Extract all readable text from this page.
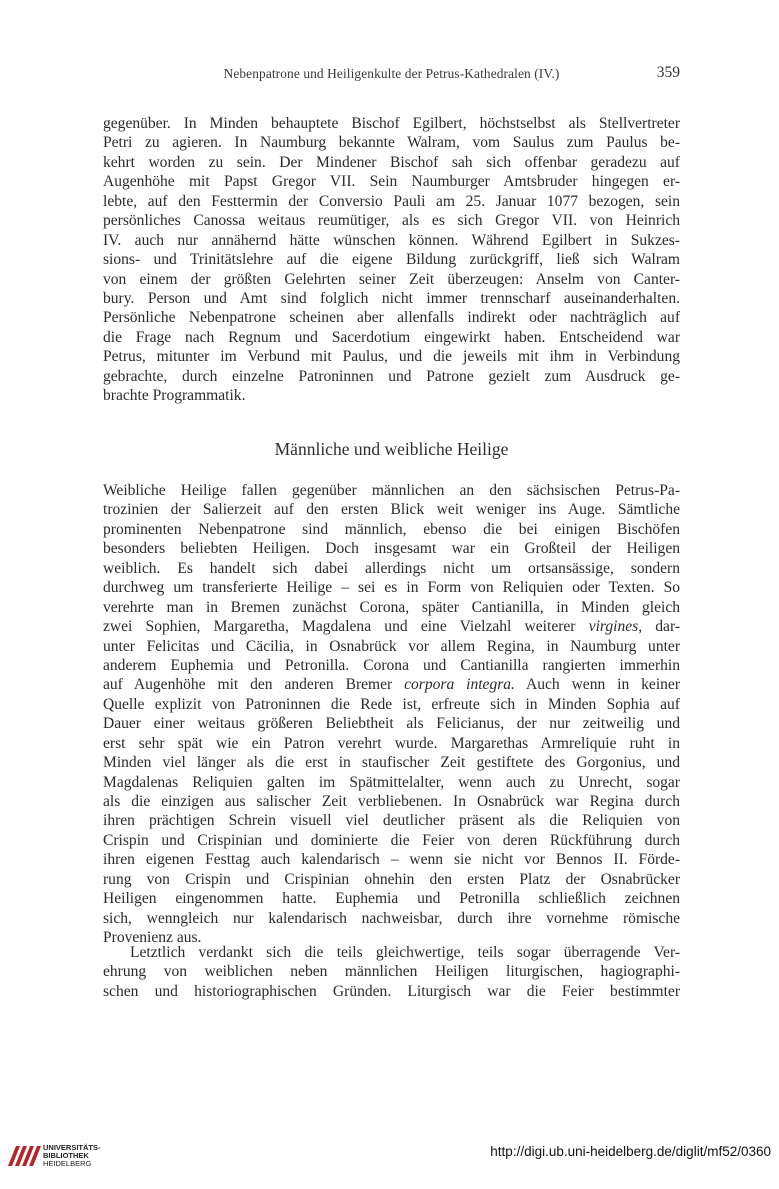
Nebenpatrone und Heiligenkulte der Petrus-Kathedralen (IV.)	359
gegenüber. In Minden behauptete Bischof Egilbert, höchstselbst als Stellvertreter
Petri zu agieren. In Naumburg bekannte Walram, vom Saulus zum Paulus be-
kehrt worden zu sein. Der Mindener Bischof sah sich offenbar geradezu auf
Augenhöhe mit Papst Gregor VII. Sein Naumburger Amtsbruder hingegen er-
lebte, auf den Festtermin der Conversio Pauli am 25. Januar 1077 bezogen, sein
persönliches Canossa weitaus reumütiger, als es sich Gregor VII. von Heinrich
IV. auch nur annähernd hätte wünschen können. Während Egilbert in Sukzes-
sions- und Trinitätslehre auf die eigene Bildung zurückgriff, ließ sich Walram
von einem der größten Gelehrten seiner Zeit überzeugen: Anselm von Canter-
bury. Person und Amt sind folglich nicht immer trennscharf auseinanderhalten.
Persönliche Nebenpatrone scheinen aber allenfalls indirekt oder nachträglich auf
die Frage nach Regnum und Sacerdotium eingewirkt haben. Entscheidend war
Petrus, mitunter im Verbund mit Paulus, und die jeweils mit ihm in Verbindung
gebrachte, durch einzelne Patroninnen und Patrone gezielt zum Ausdruck ge-
brachte Programmatik.
Männliche und weibliche Heilige
Weibliche Heilige fallen gegenüber männlichen an den sächsischen Petrus-Pa-
trozinien der Salierzeit auf den ersten Blick weit weniger ins Auge. Sämtliche
prominenten Nebenpatrone sind männlich, ebenso die bei einigen Bischöfen
besonders beliebten Heiligen. Doch insgesamt war ein Großteil der Heiligen
weiblich. Es handelt sich dabei allerdings nicht um ortsansässige, sondern
durchweg um transferierte Heilige – sei es in Form von Reliquien oder Texten. So
verehrte man in Bremen zunächst Corona, später Cantianilla, in Minden gleich
zwei Sophien, Margaretha, Magdalena und eine Vielzahl weiterer virgines, dar-
unter Felicitas und Cäcilia, in Osnabrück vor allem Regina, in Naumburg unter
anderem Euphemia und Petronilla. Corona und Cantianilla rangierten immerhin
auf Augenhöhe mit den anderen Bremer corpora integra. Auch wenn in keiner
Quelle explizit von Patroninnen die Rede ist, erfreute sich in Minden Sophia auf
Dauer einer weitaus größeren Beliebtheit als Felicianus, der nur zeitweilig und
erst sehr spät wie ein Patron verehrt wurde. Margarethas Armreliquie ruht in
Minden viel länger als die erst in staufischer Zeit gestiftete des Gorgonius, und
Magdalenas Reliquien galten im Spätmittelalter, wenn auch zu Unrecht, sogar
als die einzigen aus salischer Zeit verbliebenen. In Osnabrück war Regina durch
ihren prächtigen Schrein visuell viel deutlicher präsent als die Reliquien von
Crispin und Crispinian und dominierte die Feier von deren Rückführung durch
ihren eigenen Festtag auch kalendarisch – wenn sie nicht vor Bennos II. Förde-
rung von Crispin und Crispinian ohnehin den ersten Platz der Osnabrücker
Heiligen eingenommen hatte. Euphemia und Petronilla schließlich zeichnen
sich, wenngleich nur kalendarisch nachweisbar, durch ihre vornehme römische
Provenienz aus.
Letztlich verdankt sich die teils gleichwertige, teils sogar überragende Ver-
ehrung von weiblichen neben männlichen Heiligen liturgischen, hagiographi-
schen und historiographischen Gründen. Liturgisch war die Feier bestimmter
UNIVERSITÄTS-
BIBLIOTHEK
HEIDELBERG
http://digi.ub.uni-heidelberg.de/diglit/mf52/0360
